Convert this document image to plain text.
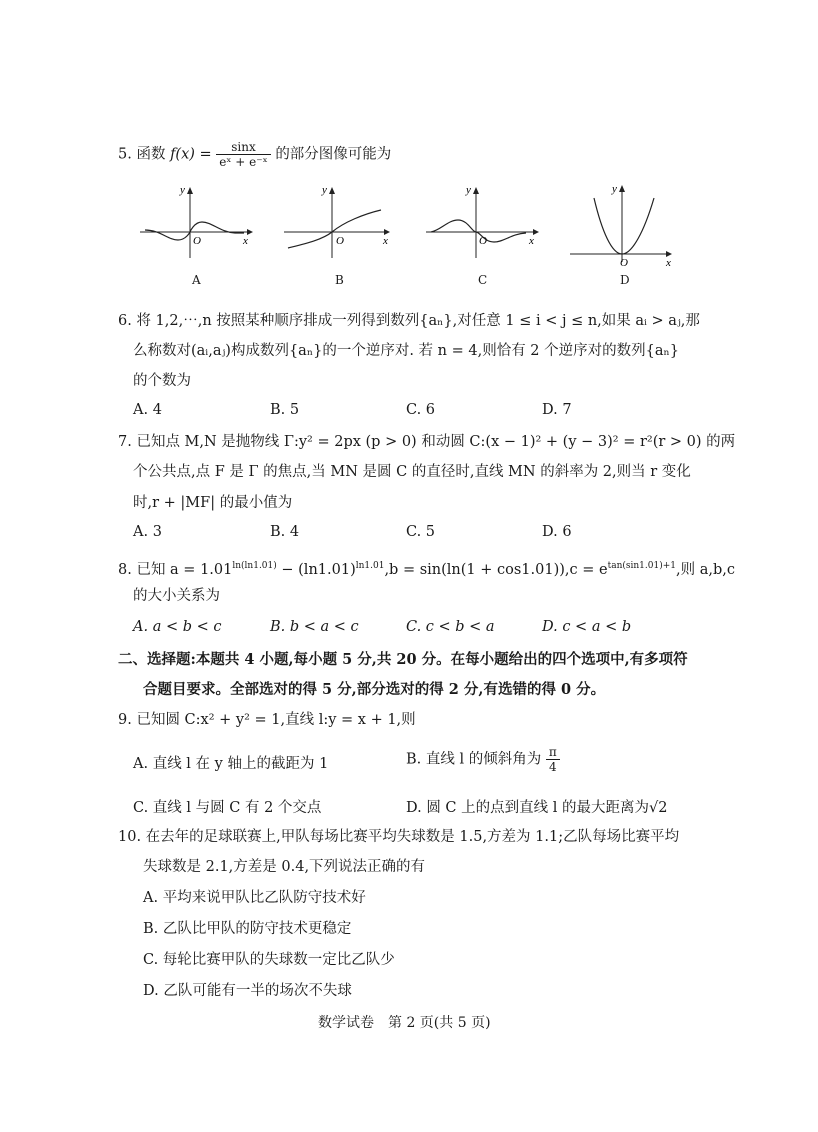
5. 函数 $f(x) = \frac{\sin x}{\text{eˣ + e⁻ˣ}}$ 的部分图像可能为
y
x
O
A
y
x
O
B
y
x
O
C
y
x
O
D
6. 将 1,2,⋯,n 按照某种顺序排成一列得到数列{aₙ},对任意 1 ≤ i < j ≤ n,如果 aᵢ > aⱼ,那
么称数对(aᵢ,aⱼ)构成数列{aₙ}的一个逆序对. 若 n = 4,则恰有 2 个逆序对的数列{aₙ}
的个数为
A. 4	B. 5	C. 6	D. 7
7. 已知点 M,N 是抛物线 Γ:y² = 2px (p > 0) 和动圆 C:(x − 1)² + (y − 3)² = r²(r > 0) 的两
个公共点,点 F 是 Γ 的焦点,当 MN 是圆 C 的直径时,直线 MN 的斜率为 2,则当 r 变化
时,r + |MF| 的最小值为
A. 3	B. 4	C. 5	D. 6
8. 已知 $a = 1.01^{ln(ln1.01)} - (\ln 1.01)^{ln1.01},b = \sin(\ln(1 + \cos 1.01)),c = e^{tan(sin1.01)+1}$,则 a,b,c
的大小关系为
A. a < b < c	B. b < a < c	C. c < b < a	D. c < a < b
二、选择题:本题共 4 小题,每小题 5 分,共 20 分。在每小题给出的四个选项中,有多项符
合题目要求。全部选对的得 5 分,部分选对的得 2 分,有选错的得 0 分。
9. 已知圆 C:x² + y² = 1,直线 l:y = x + 1,则
A. 直线 l 在 y 轴上的截距为 1	B. 直线 l 的倾斜角为 $\frac{\pi}{4}$
C. 直线 l 与圆 C 有 2 个交点	D. 圆 C 上的点到直线 l 的最大距离为√2
10. 在去年的足球联赛上,甲队每场比赛平均失球数是 1.5,方差为 1.1;乙队每场比赛平均
失球数是 2.1,方差是 0.4,下列说法正确的有
A. 平均来说甲队比乙队防守技术好
B. 乙队比甲队的防守技术更稳定
C. 每轮比赛甲队的失球数一定比乙队少
D. 乙队可能有一半的场次不失球
数学试卷　第 2 页(共 5 页)
